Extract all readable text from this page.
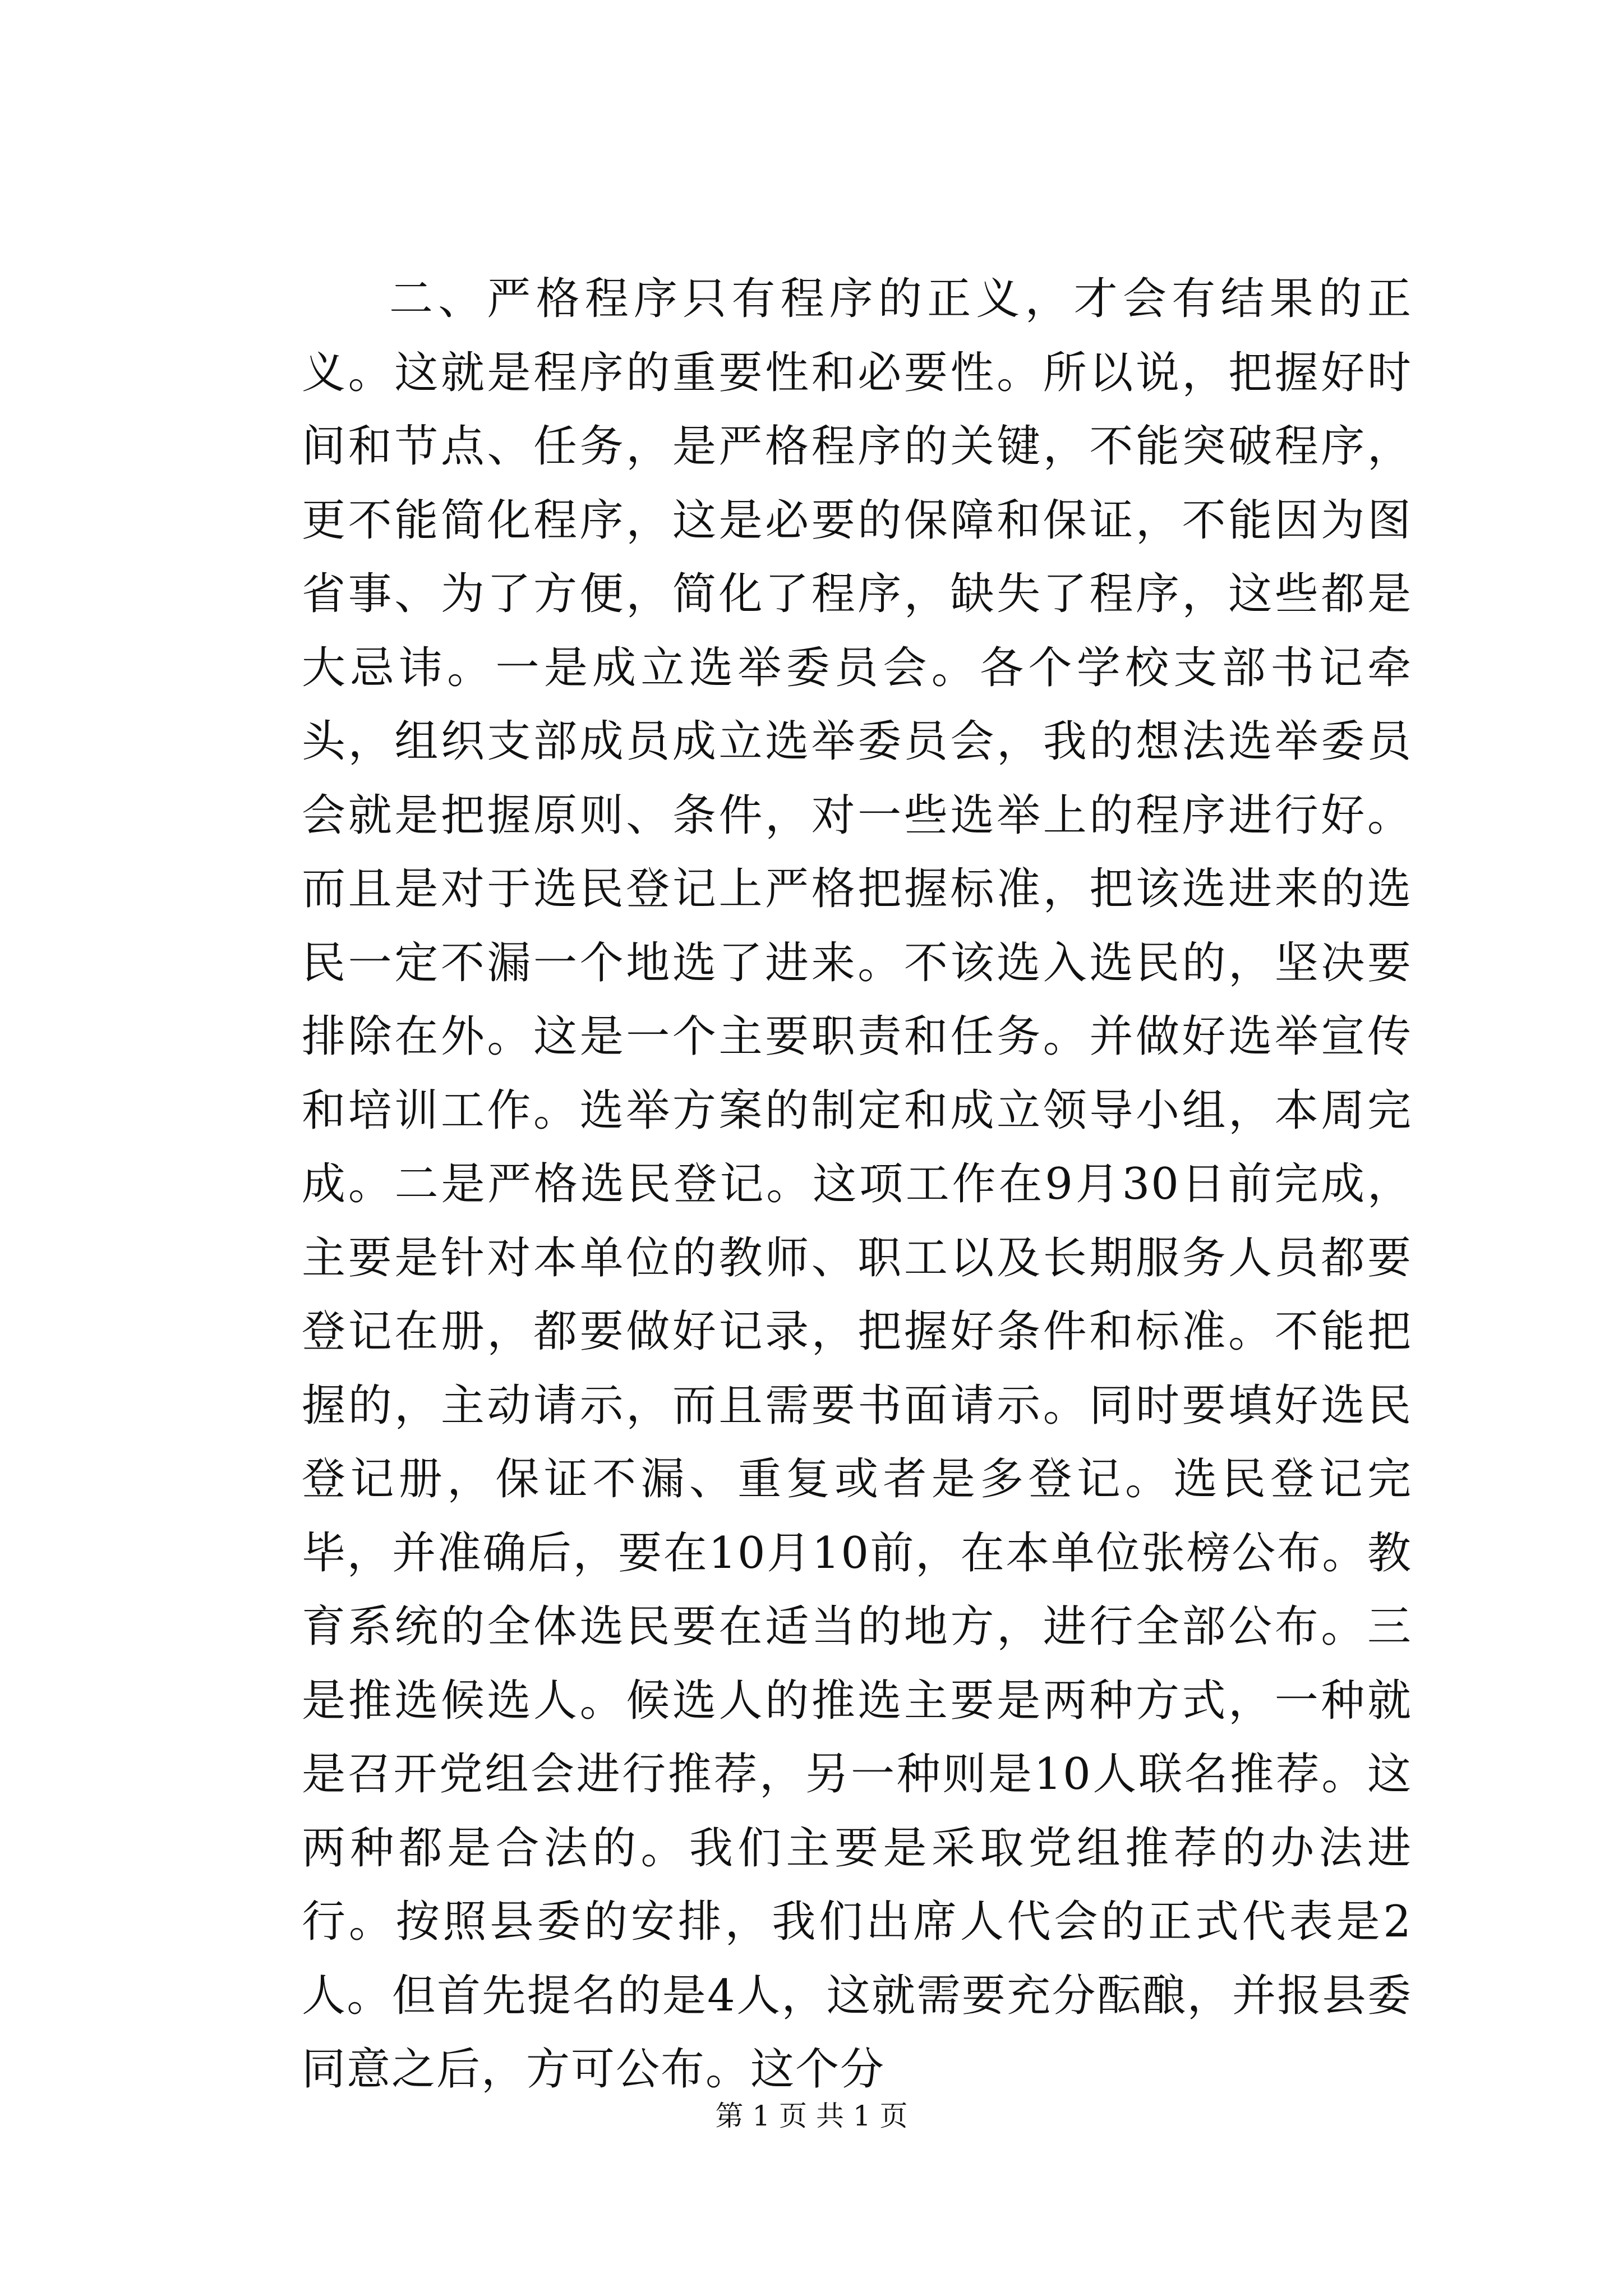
二、严格程序只有程序的正义，才会有结果的正义。这就是程序的重要性和必要性。所以说，把握好时间和节点、任务，是严格程序的关键，不能突破程序，更不能简化程序，这是必要的保障和保证，不能因为图省事、为了方便，简化了程序，缺失了程序，这些都是大忌讳。一是成立选举委员会。各个学校支部书记牵头，组织支部成员成立选举委员会，我的想法选举委员会就是把握原则、条件，对一些选举上的程序进行好。而且是对于选民登记上严格把握标准，把该选进来的选民一定不漏一个地选了进来。不该选入选民的，坚决要排除在外。这是一个主要职责和任务。并做好选举宣传和培训工作。选举方案的制定和成立领导小组，本周完成。二是严格选民登记。这项工作在9月30日前完成，主要是针对本单位的教师、职工以及长期服务人员都要登记在册，都要做好记录，把握好条件和标准。不能把握的，主动请示，而且需要书面请示。同时要填好选民登记册，保证不漏、重复或者是多登记。选民登记完毕，并准确后，要在10月10前，在本单位张榜公布。教育系统的全体选民要在适当的地方，进行全部公布。三是推选候选人。候选人的推选主要是两种方式，一种就是召开党组会进行推荐，另一种则是10人联名推荐。这两种都是合法的。我们主要是采取党组推荐的办法进行。按照县委的安排，我们出席人代会的正式代表是2人。但首先提名的是4人，这就需要充分酝酿，并报县委同意之后，方可公布。这个分

第 1 页 共 1 页
